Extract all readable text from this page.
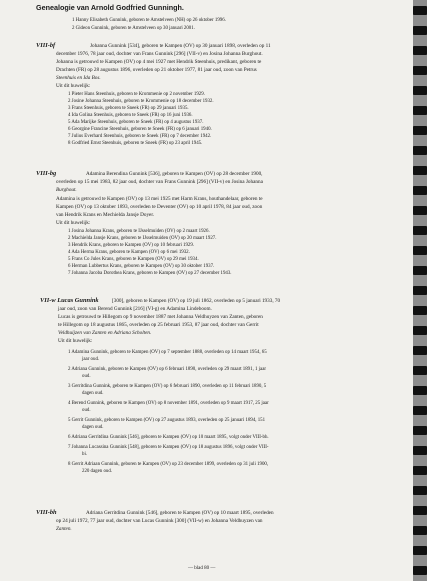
Genealogie van Arnold Godfried Gunningh.
1 Hanny Elisabeth Gunnink, geboren te Amstelveen (NH) op 26 oktober 1996.
2 Gideon Gunnink, geboren te Amstelveen op 30 januari 2001.
VIII-bf	Johanna Gunnink [534], geboren te Kampen (OV) op 30 januari 1898, overleden op 11
december 1976, 78 jaar oud, dochter van Frans Gunnink [296] (VII-v) en Josina Johanna Burghout.
Johanna is getrouwd te Kampen (OV) op 4 mei 1927 met Hendrik Steenhuis, predikant, geboren te
Drachten (FR) op 28 augustus 1896, overleden op 21 oktober 1977, 81 jaar oud, zoon van Petrus
Steenhuis en Ida Bos.
Uit dit huwelijk:
1 Pieter Hans Steenhuis, geboren te Krommenie op 2 november 1929.
2 Josine Johanna Steenhuis, geboren te Krommenie op 18 december 1932.
3 Frans Steenhuis, geboren te Sneek (FR) op 29 januari 1935.
4 Ida Golina Steenhuis, geboren te Sneek (FR) op 16 juni 1936.
5 Ada Marijke Steenhuis, geboren te Sneek (FR) op 4 augustus 1937.
6 Georgine Francine Steenhuis, geboren te Sneek (FR) op 6 januari 1940.
7 Julius Everhard Steenhuis, geboren te Sneek (FR) op 7 december 1942.
8 Godfried Ernst Steenhuis, geboren te Sneek (FR) op 23 april 1945.
VIII-bg	Adamina Berendina Gunnink [536], geboren te Kampen (OV) op 28 december 1900,
overleden op 15 mei 1983, 82 jaar oud, dochter van Frans Gunnink [296] (VII-v) en Josina Johanna
Burghout.
Adamina is getrouwd te Kampen (OV) op 13 mei 1925 met Harm Krans, houthandelaar, geboren te
Kampen (OV) op 13 oktober 1893, overleden te Deventer (OV) op 10 april 1978, 84 jaar oud, zoon
van Hendrik Krans en Mechielda Jansje Doyer.
Uit dit huwelijk:
1 Josina Johanna Krans, geboren te IJsselmuiden (OV) op 2 maart 1926.
2 Machielda Jansje Krans, geboren te IJsselmuiden (OV) op 20 maart 1927.
3 Hendrik Krans, geboren te Kampen (OV) op 10 februari 1929.
4 Ada Herma Krans, geboren te Kampen (OV) op 6 mei 1932.
5 Frans Co Jules Krans, geboren te Kampen (OV) op 29 mei 1934.
6 Herman Lubbertus Krans, geboren te Kampen (OV) op 30 oktober 1937.
7 Johanna Jacoba Dorothea Krans, geboren te Kampen (OV) op 27 december 1943.
VII-w Lucas Gunnink	[300], geboren te Kampen (OV) op 19 juli 1862, overleden op 5 januari 1933, 70
jaar oud, zoon van Berend Gunnink [216] (VI-g) en Adamina Lindeboom.
Lucas is getrouwd te Hillegom op 9 november 1887 met Johanna Veldhuyzen van Zanten, geboren
te Hillegom op 18 augustus 1865, overleden op 25 februari 1953, 87 jaar oud, dochter van Gerrit
Veldhuijzen van Zanten en Adriana Scholten.
Uit dit huwelijk:
1 Adamina Gunnink, geboren te Kampen (OV) op 7 september 1888, overleden op 14 maart 1954, 65
jaar oud.
2 Adriana Gunnink, geboren te Kampen (OV) op 6 februari 1890, overleden op 29 maart 1891, 1 jaar
oud.
3 Gerritdina Gunnink, geboren te Kampen (OV) op 6 februari 1890, overleden op 11 februari 1890, 5
dagen oud.
4 Berend Gunnink, geboren te Kampen (OV) op 8 november 1891, overleden op 9 maart 1917, 25 jaar
oud.
5 Gerrit Gunnink, geboren te Kampen (OV) op 27 augustus 1893, overleden op 25 januari 1894, 151
dagen oud.
6 Adriana Gerritdina Gunnink [546], geboren te Kampen (OV) op 10 maart 1895, volgt onder VIII-bh.
7 Johanna Lucassina Gunnink [548], geboren te Kampen (OV) op 18 augustus 1896, volgt onder VIII-
bi.
8 Gerrit Adriaan Gunnink, geboren te Kampen (OV) op 23 december 1899, overleden op 31 juli 1900,
220 dagen oud.
VIII-bh	Adriana Gerritdina Gunnink [546], geboren te Kampen (OV) op 10 maart 1895, overleden
op 24 juli 1972, 77 jaar oud, dochter van Lucas Gunnink [300] (VII-w) en Johanna Veldhuyzen van
Zanten.
— blad 80 —
